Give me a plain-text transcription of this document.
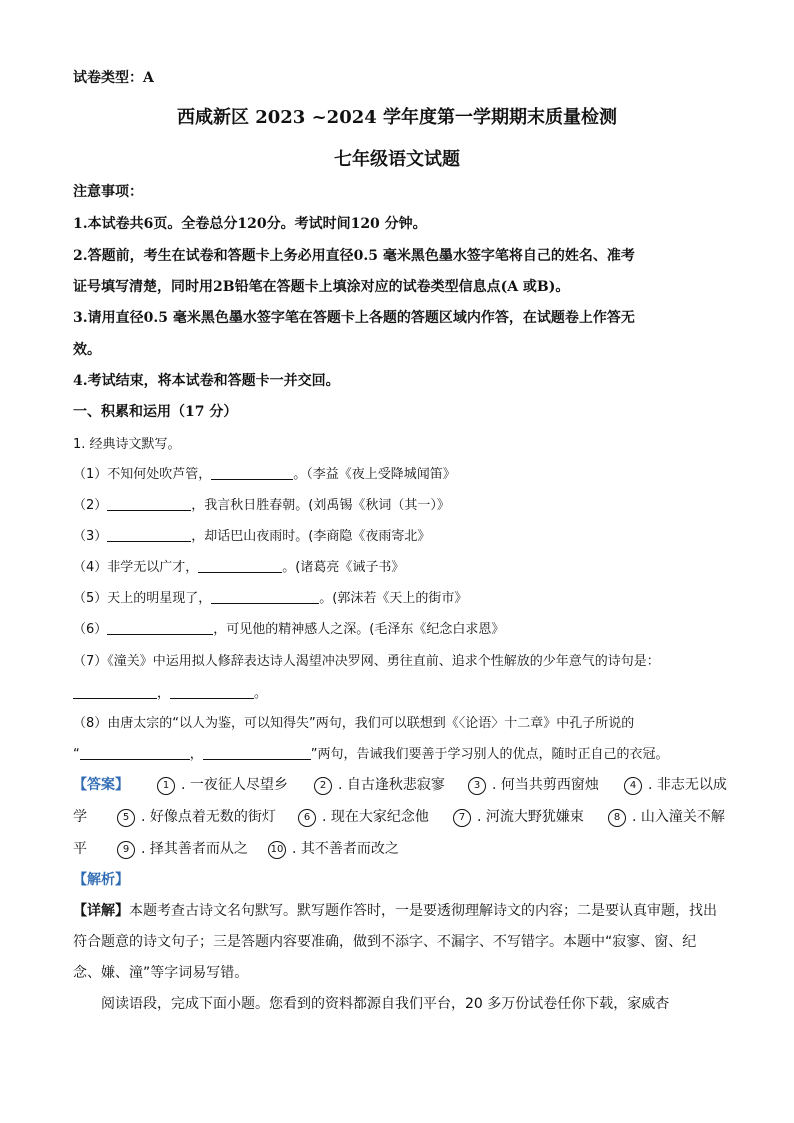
试卷类型：A
西咸新区 2023 ~2024 学年度第一学期期末质量检测
七年级语文试题
注意事项：
1.本试卷共6页。全卷总分120分。考试时间120 分钟。
2.答题前，考生在试卷和答题卡上务必用直径0.5 毫米黑色墨水签字笔将自己的姓名、准考
证号填写清楚，同时用2B铅笔在答题卡上填涂对应的试卷类型信息点(A 或B)。
3.请用直径0.5 毫米黑色墨水签字笔在答题卡上各题的答题区域内作答，在试题卷上作答无
效。
4.考试结束，将本试卷和答题卡一并交回。
一、积累和运用（17 分）
1. 经典诗文默写。
（1）不知何处吹芦管，	。（李益《夜上受降城闻笛》
（2）	，我言秋日胜春朝。(刘禹锡《秋词（其一）》
（3）	，却话巴山夜雨时。(李商隐《夜雨寄北》
（4）非学无以广才，	。(诸葛亮《诫子书》
（5）天上的明星现了，	。(郭沫若《天上的街市》
（6）	，可见他的精神感人之深。(毛泽东《纪念白求恩》
（7）《潼关》中运用拟人修辞表达诗人渴望冲决罗网、勇往直前、追求个性解放的少年意气的诗句是：
，	。
（8）由唐太宗的“以人为鉴，可以知得失”两句，我们可以联想到《〈论语〉十二章》中孔子所说的
“	，	”两句，告诫我们要善于学习别人的优点，随时正自己的衣冠。
【答案】	1 . 一夜征人尽望乡	2 . 自古逢秋悲寂寥	3 . 何当共剪西窗烛	4 . 非志无以成
学	5 . 好像点着无数的街灯	6 . 现在大家纪念他	7 . 河流大野犹嫌束	8 . 山入潼关不解
平	9 . 择其善者而从之 10 . 其不善者而改之
【解析】
【详解】本题考查古诗文名句默写。默写题作答时，一是要透彻理解诗文的内容；二是要认真审题，找出
符合题意的诗文句子；三是答题内容要准确，做到不添字、不漏字、不写错字。本题中“寂寥、窗、纪
念、嫌、潼”等字词易写错。
阅读语段，完成下面小题。您看到的资料都源自我们平台，20 多万份试卷任你下载，家威杏
